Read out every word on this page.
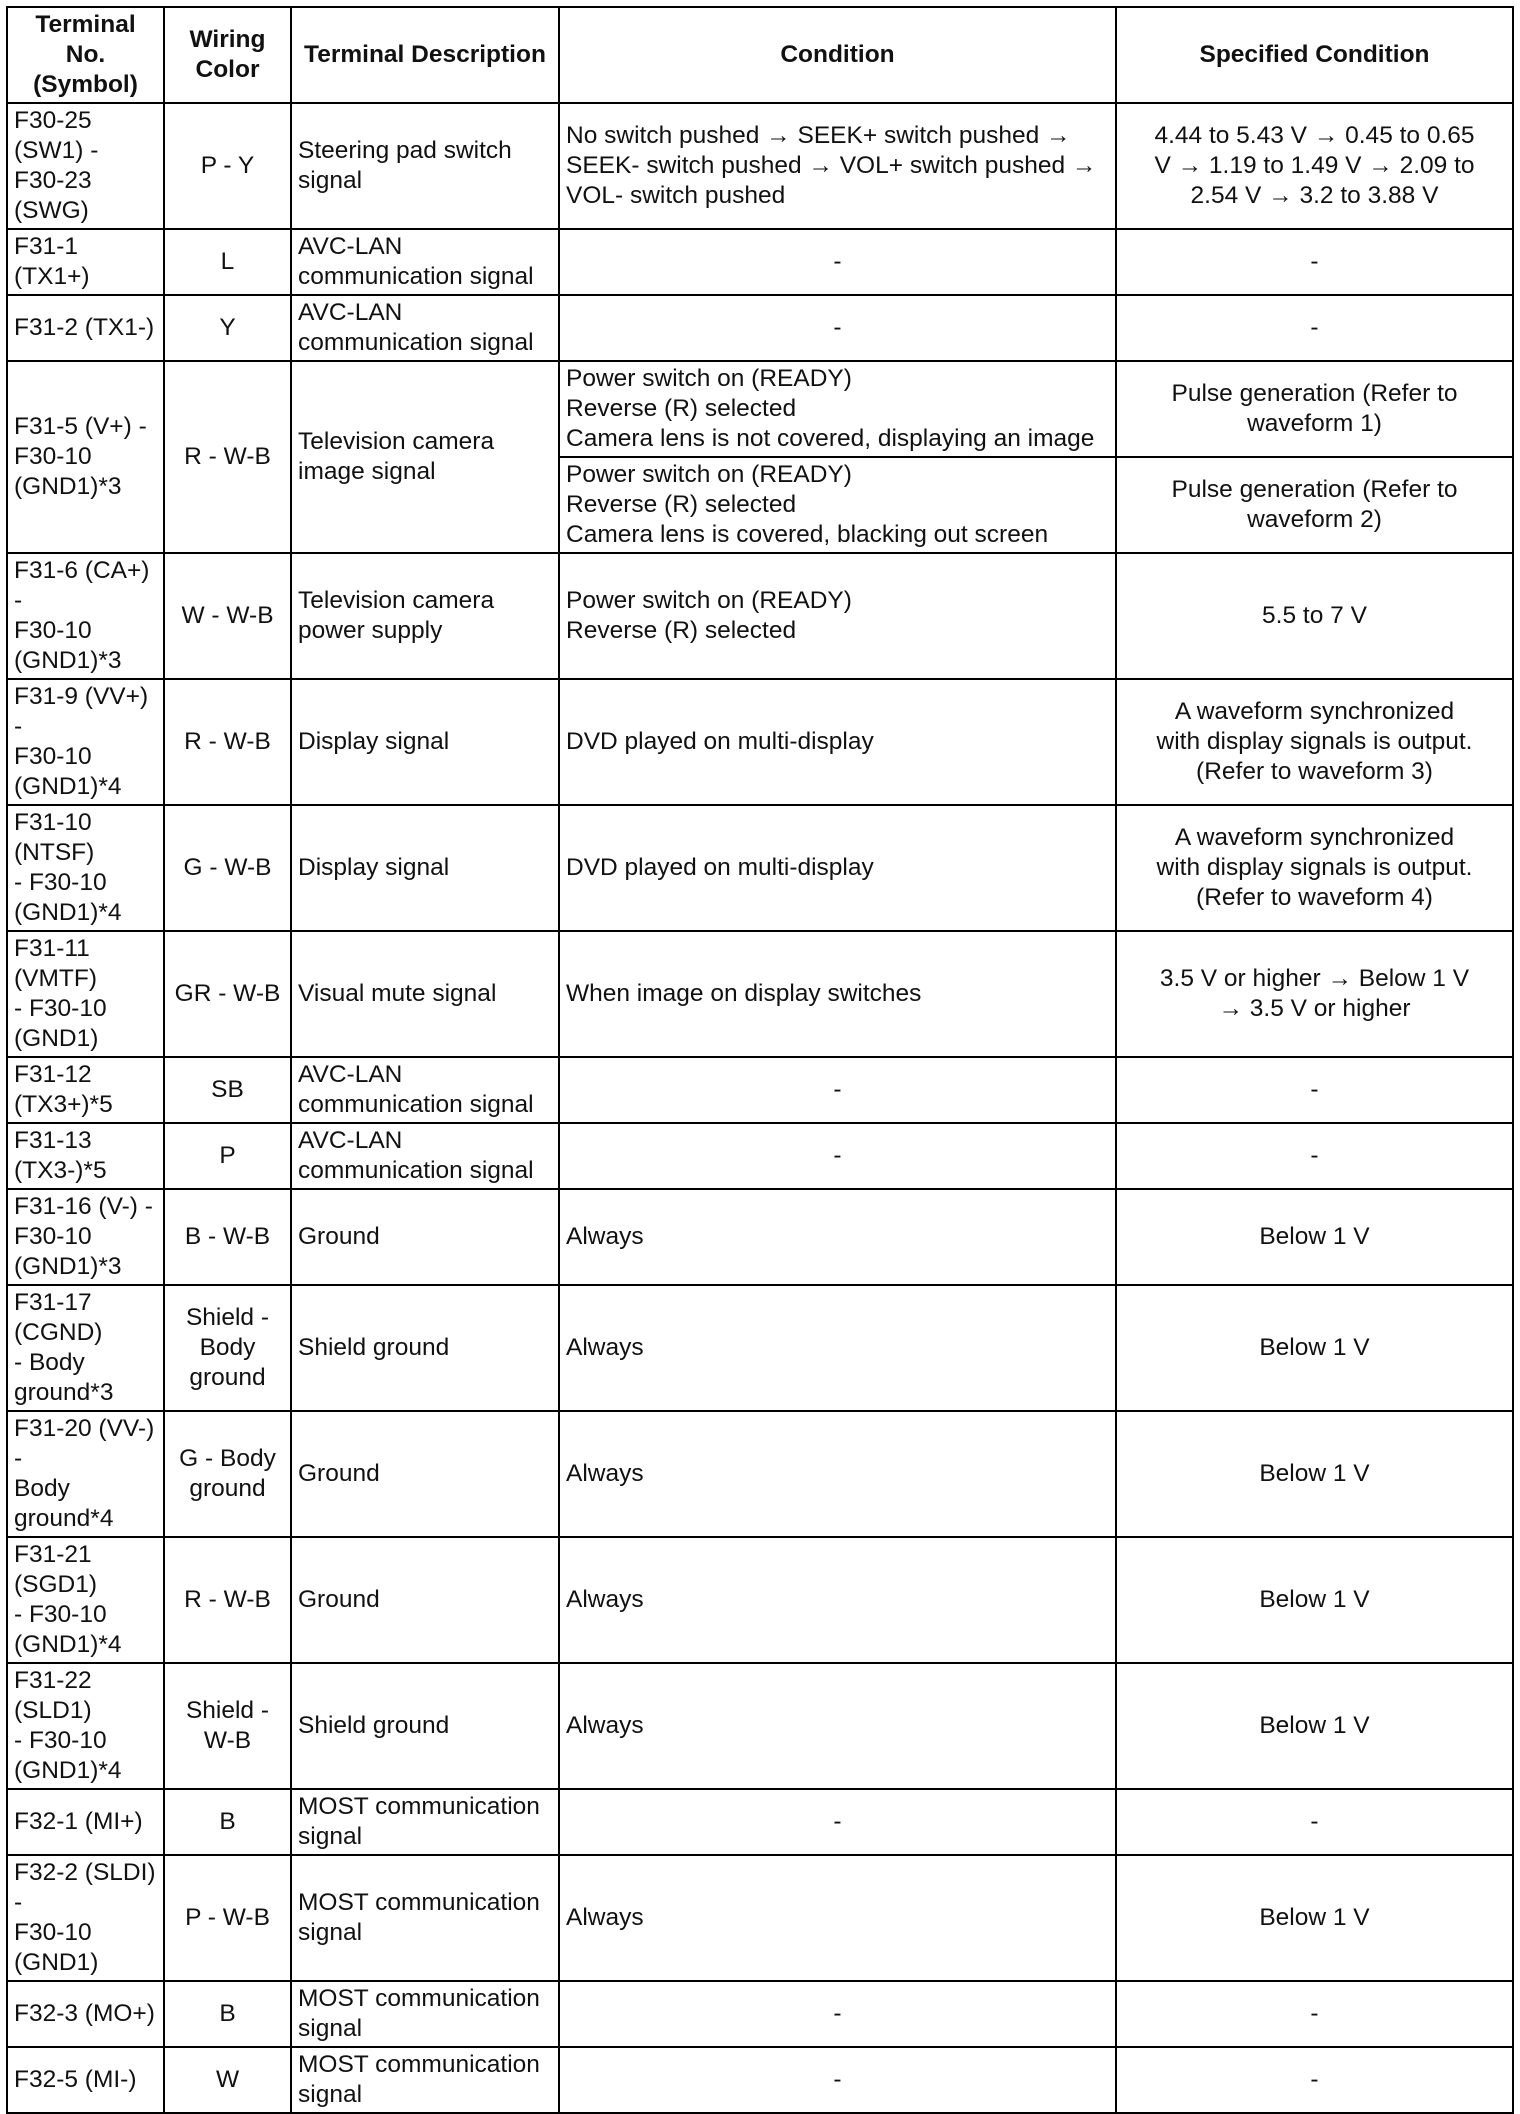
Terminal No.
(Symbol)	Wiring
Color	Terminal Description	Condition	Specified Condition
F30-25 (SW1) -
F30-23 (SWG)	P - Y	Steering pad switch
signal	No switch pushed → SEEK+ switch pushed →
SEEK- switch pushed → VOL+ switch pushed →
VOL- switch pushed	4.44 to 5.43 V → 0.45 to 0.65
V → 1.19 to 1.49 V → 2.09 to
2.54 V → 3.2 to 3.88 V
F31-1 (TX1+)	L	AVC-LAN
communication signal	-	-
F31-2 (TX1-)	Y	AVC-LAN
communication signal	-	-
F31-5 (V+) -
F30-10
(GND1)*3	R - W-B	Television camera
image signal	Power switch on (READY)
Reverse (R) selected
Camera lens is not covered, displaying an image	Pulse generation (Refer to
waveform 1)
			Power switch on (READY)
Reverse (R) selected
Camera lens is covered, blacking out screen	Pulse generation (Refer to
waveform 2)
F31-6 (CA+) -
F30-10
(GND1)*3	W - W-B	Television camera
power supply	Power switch on (READY)
Reverse (R) selected	5.5 to 7 V
F31-9 (VV+) -
F30-10
(GND1)*4	R - W-B	Display signal	DVD played on multi-display	A waveform synchronized
with display signals is output.
(Refer to waveform 3)
F31-10 (NTSF)
- F30-10
(GND1)*4	G - W-B	Display signal	DVD played on multi-display	A waveform synchronized
with display signals is output.
(Refer to waveform 4)
F31-11 (VMTF)
- F30-10
(GND1)	GR - W-B	Visual mute signal	When image on display switches	3.5 V or higher → Below 1 V
→ 3.5 V or higher
F31-12
(TX3+)*5	SB	AVC-LAN
communication signal	-	-
F31-13
(TX3-)*5	P	AVC-LAN
communication signal	-	-
F31-16 (V-) -
F30-10
(GND1)*3	B - W-B	Ground	Always	Below 1 V
F31-17 (CGND)
- Body
ground*3	Shield -
Body
ground	Shield ground	Always	Below 1 V
F31-20 (VV-) -
Body ground*4	G - Body
ground	Ground	Always	Below 1 V
F31-21 (SGD1)
- F30-10
(GND1)*4	R - W-B	Ground	Always	Below 1 V
F31-22 (SLD1)
- F30-10
(GND1)*4	Shield -
W-B	Shield ground	Always	Below 1 V
F32-1 (MI+)	B	MOST communication
signal	-	-
F32-2 (SLDI) -
F30-10 (GND1)	P - W-B	MOST communication
signal	Always	Below 1 V
F32-3 (MO+)	B	MOST communication
signal	-	-
F32-5 (MI-)	W	MOST communication
signal	-	-
